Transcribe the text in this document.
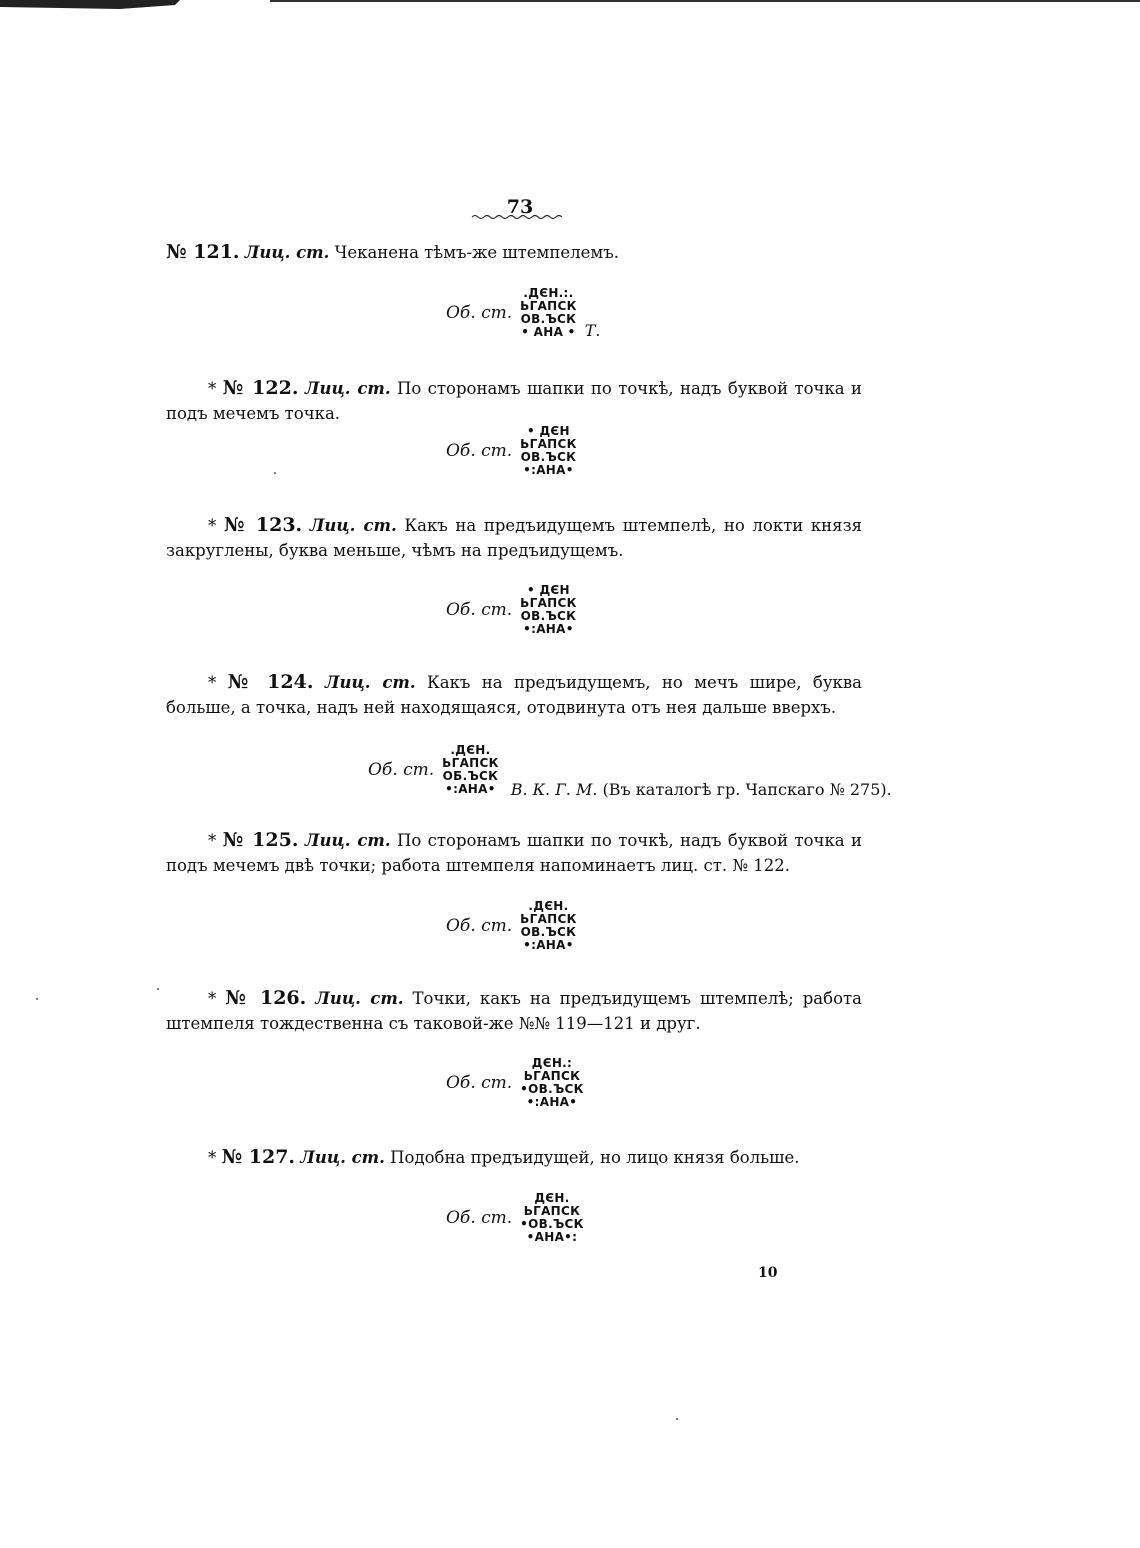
73

№ 121. Лиц. ст. Чеканена тѣмъ-же штемпелемъ.

Об. ст.
.ДЄН.:.
ЬГАПСК
ОВ.ЪСК
• АНА • Т.

* № 122. Лиц. ст. По сторонамъ шапки по точкѣ, надъ буквой точка и подъ мечемъ точка.

Об. ст.
• ДЄН
ЬГАПСК
ОВ.ЪСК
•:АНА•

* № 123. Лиц. ст. Какъ на предъидущемъ штемпелѣ, но локти князя закруглены, буква меньше, чѣмъ на предъидущемъ.

Об. ст.
• ДЄН
ЬГАПСК
ОВ.ЪСК
•:АНА•

* № 124. Лиц. ст. Какъ на предъидущемъ, но мечъ шире, буква больше, а точка, надъ ней находящаяся, отодвинута отъ нея дальше вверхъ.

Об. ст.
.ДЄН.
ЬГАПСК
ОБ.ЪСК
•:АНА• В. К. Г. М. (Въ каталогѣ гр. Чапскаго № 275).

* № 125. Лиц. ст. По сторонамъ шапки по точкѣ, надъ буквой точка и подъ мечемъ двѣ точки; работа штемпеля напоминаетъ лиц. ст. № 122.

Об. ст.
.ДЄН.
ЬГАПСК
ОВ.ЪСК
•:АНА•

* № 126. Лиц. ст. Точки, какъ на предъидущемъ штемпелѣ; работа штемпеля тождественна съ таковой-же №№ 119—121 и друг.

Об. ст.
ДЄН.:
ЬГАПСК
•ОВ.ЪСК
•:АНА•

* № 127. Лиц. ст. Подобна предъидущей, но лицо князя больше.

Об. ст.
ДЄН.
ЬГАПСК
•ОВ.ЪСК
•АНА•:
10
